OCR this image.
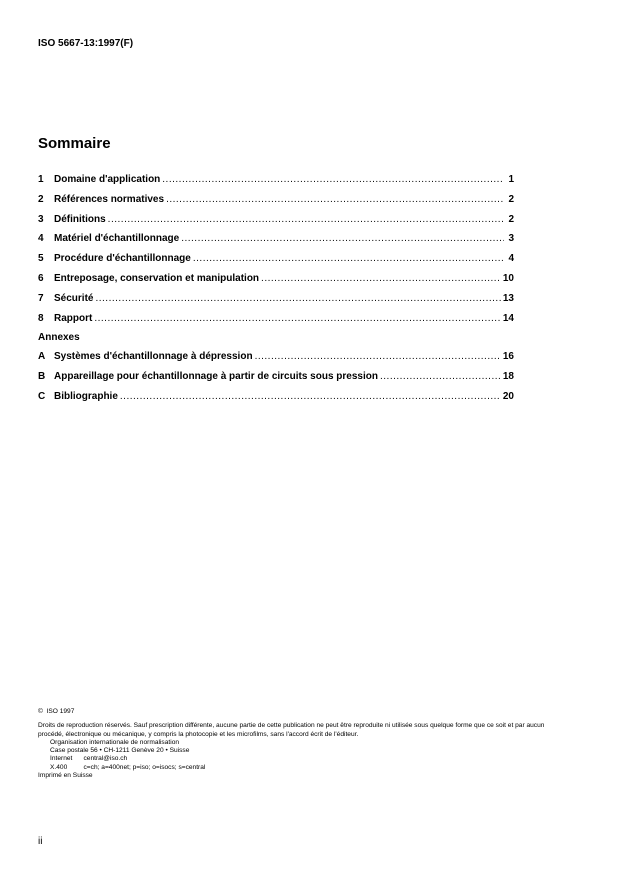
ISO 5667-13:1997(F)
Sommaire
1	Domaine d'application .....	1
2	Références normatives .....	2
3	Définitions .....	2
4	Matériel d'échantillonnage .....	3
5	Procédure d'échantillonnage .....	4
6	Entreposage, conservation et manipulation .....	10
7	Sécurité .....	13
8	Rapport .....	14
Annexes
A Systèmes d'échantillonnage à dépression .....	16
B Appareillage pour échantillonnage à partir de circuits sous pression .....	18
C Bibliographie .....	20
© ISO 1997
Droits de reproduction réservés. Sauf prescription différente, aucune partie de cette publication ne peut être reproduite ni utilisée sous quelque forme que ce soit et par aucun procédé, électronique ou mécanique, y compris la photocopie et les microfilms, sans l'accord écrit de l'éditeur.
Organisation internationale de normalisation
Case postale 56 • CH-1211 Genève 20 • Suisse
Internet central@iso.ch
X.400 c=ch; a=400net; p=iso; o=isocs; s=central
Imprimé en Suisse
ii
